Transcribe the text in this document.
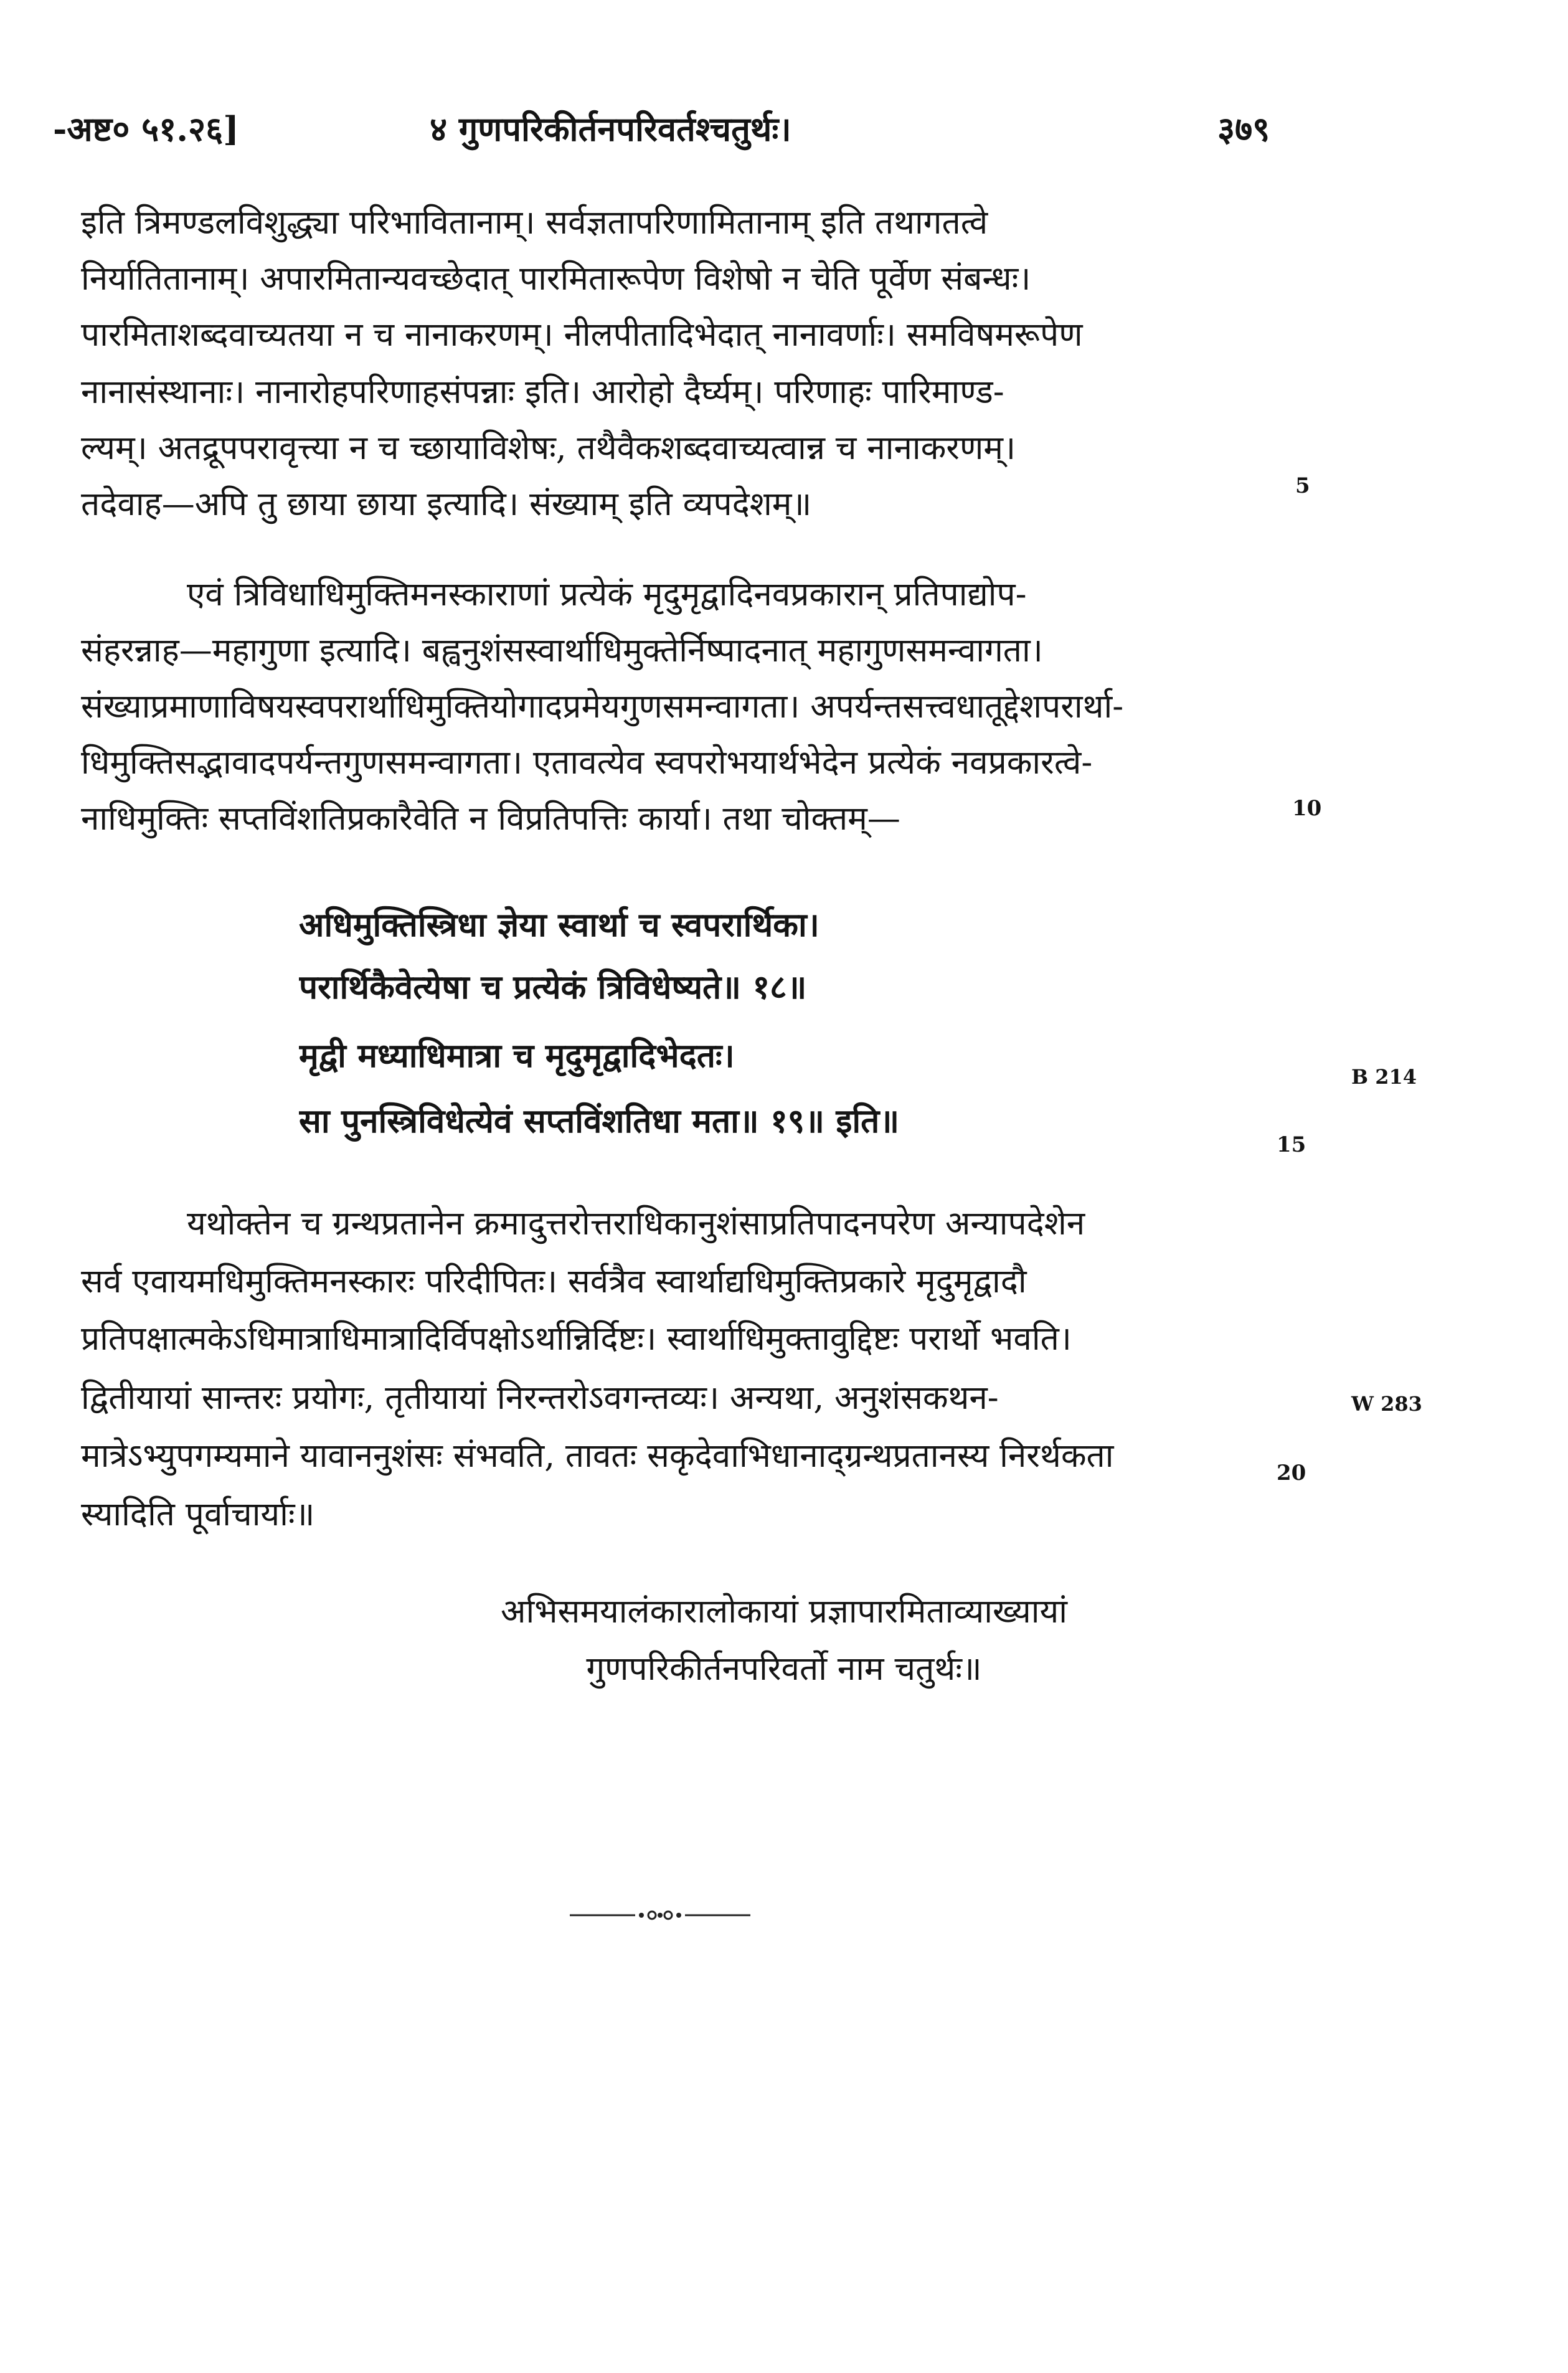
-अष्ट० ५१.२६]	४ गुणपरिकीर्तनपरिवर्तश्चतुर्थः।	३७९
इति त्रिमण्डलविशुद्ध्या परिभावितानाम्। सर्वज्ञतापरिणामितानाम् इति तथागतत्वे
निर्यातितानाम्। अपारमितान्यवच्छेदात् पारमितारूपेण विशेषो न चेति पूर्वेण संबन्धः।
पारमिताशब्दवाच्यतया न च नानाकरणम्। नीलपीतादिभेदात् नानावर्णाः। समविषमरूपेण
नानासंस्थानाः। नानारोहपरिणाहसंपन्नाः इति। आरोहो दैर्घ्यम्। परिणाहः पारिमाण्ड-
ल्यम्। अतद्रूपपरावृत्त्या न च च्छायाविशेषः, तथैवैकशब्दवाच्यत्वान्न च नानाकरणम्।
तदेवाह—अपि तु छाया छाया इत्यादि। संख्याम् इति व्यपदेशम्॥
एवं त्रिविधाधिमुक्तिमनस्काराणां प्रत्येकं मृदुमृद्वादिनवप्रकारान् प्रतिपाद्योप-
संहरन्नाह—महागुणा इत्यादि। बह्वनुशंसस्वार्थाधिमुक्तेर्निष्पादनात् महागुणसमन्वागता।
संख्याप्रमाणाविषयस्वपरार्थाधिमुक्तियोगादप्रमेयगुणसमन्वागता। अपर्यन्तसत्त्वधातूद्देशपरार्था-
धिमुक्तिसद्भावादपर्यन्तगुणसमन्वागता। एतावत्येव स्वपरोभयार्थभेदेन प्रत्येकं नवप्रकारत्वे-
नाधिमुक्तिः सप्तविंशतिप्रकारैवेति न विप्रतिपत्तिः कार्या। तथा चोक्तम्—
अधिमुक्तिस्त्रिधा ज्ञेया स्वार्था च स्वपरार्थिका।
परार्थिकैवेत्येषा च प्रत्येकं त्रिविधेष्यते॥ १८॥
मृद्वी मध्याधिमात्रा च मृदुमृद्वादिभेदतः।
सा पुनस्त्रिविधेत्येवं सप्तविंशतिधा मता॥ १९॥ इति॥
यथोक्तेन च ग्रन्थप्रतानेन क्रमादुत्तरोत्तराधिकानुशंसाप्रतिपादनपरेण अन्यापदेशेन
सर्व एवायमधिमुक्तिमनस्कारः परिदीपितः। सर्वत्रैव स्वार्थाद्यधिमुक्तिप्रकारे मृदुमृद्वादौ
प्रतिपक्षात्मकेऽधिमात्राधिमात्रादिर्विपक्षोऽर्थान्निर्दिष्टः। स्वार्थाधिमुक्तावुद्दिष्टः परार्थो भवति।
द्वितीयायां सान्तरः प्रयोगः, तृतीयायां निरन्तरोऽवगन्तव्यः। अन्यथा, अनुशंसकथन-
मात्रेऽभ्युपगम्यमाने यावाननुशंसः संभवति, तावतः सकृदेवाभिधानाद्ग्रन्थप्रतानस्य निरर्थकता
स्यादिति पूर्वाचार्याः॥
अभिसमयालंकारालोकायां प्रज्ञापारमिताव्याख्यायां
गुणपरिकीर्तनपरिवर्तो नाम चतुर्थः॥
5
10
15
20
B 214
W 283
